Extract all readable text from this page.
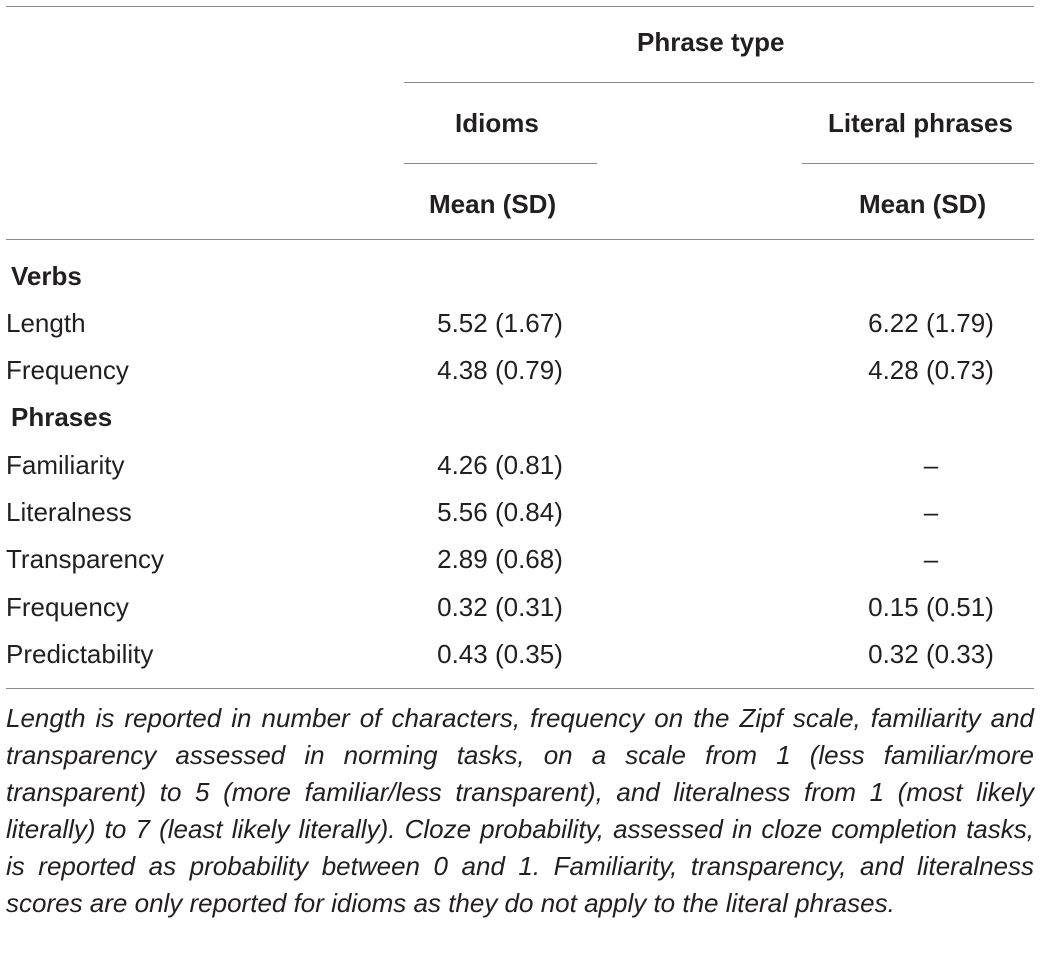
Phrase type
Idioms	Literal phrases
Mean (SD)	Mean (SD)
Verbs
Length	5.52 (1.67)	6.22 (1.79)
Frequency	4.38 (0.79)	4.28 (0.73)
Phrases
Familiarity	4.26 (0.81)	–
Literalness	5.56 (0.84)	–
Transparency	2.89 (0.68)	–
Frequency	0.32 (0.31)	0.15 (0.51)
Predictability	0.43 (0.35)	0.32 (0.33)
Length is reported in number of characters, frequency on the Zipf scale, familiarity and transparency assessed in norming tasks, on a scale from 1 (less familiar/more transparent) to 5 (more familiar/less transparent), and literalness from 1 (most likely literally) to 7 (least likely literally). Cloze probability, assessed in cloze completion tasks, is reported as probability between 0 and 1. Familiarity, transparency, and literalness scores are only reported for idioms as they do not apply to the literal phrases.
